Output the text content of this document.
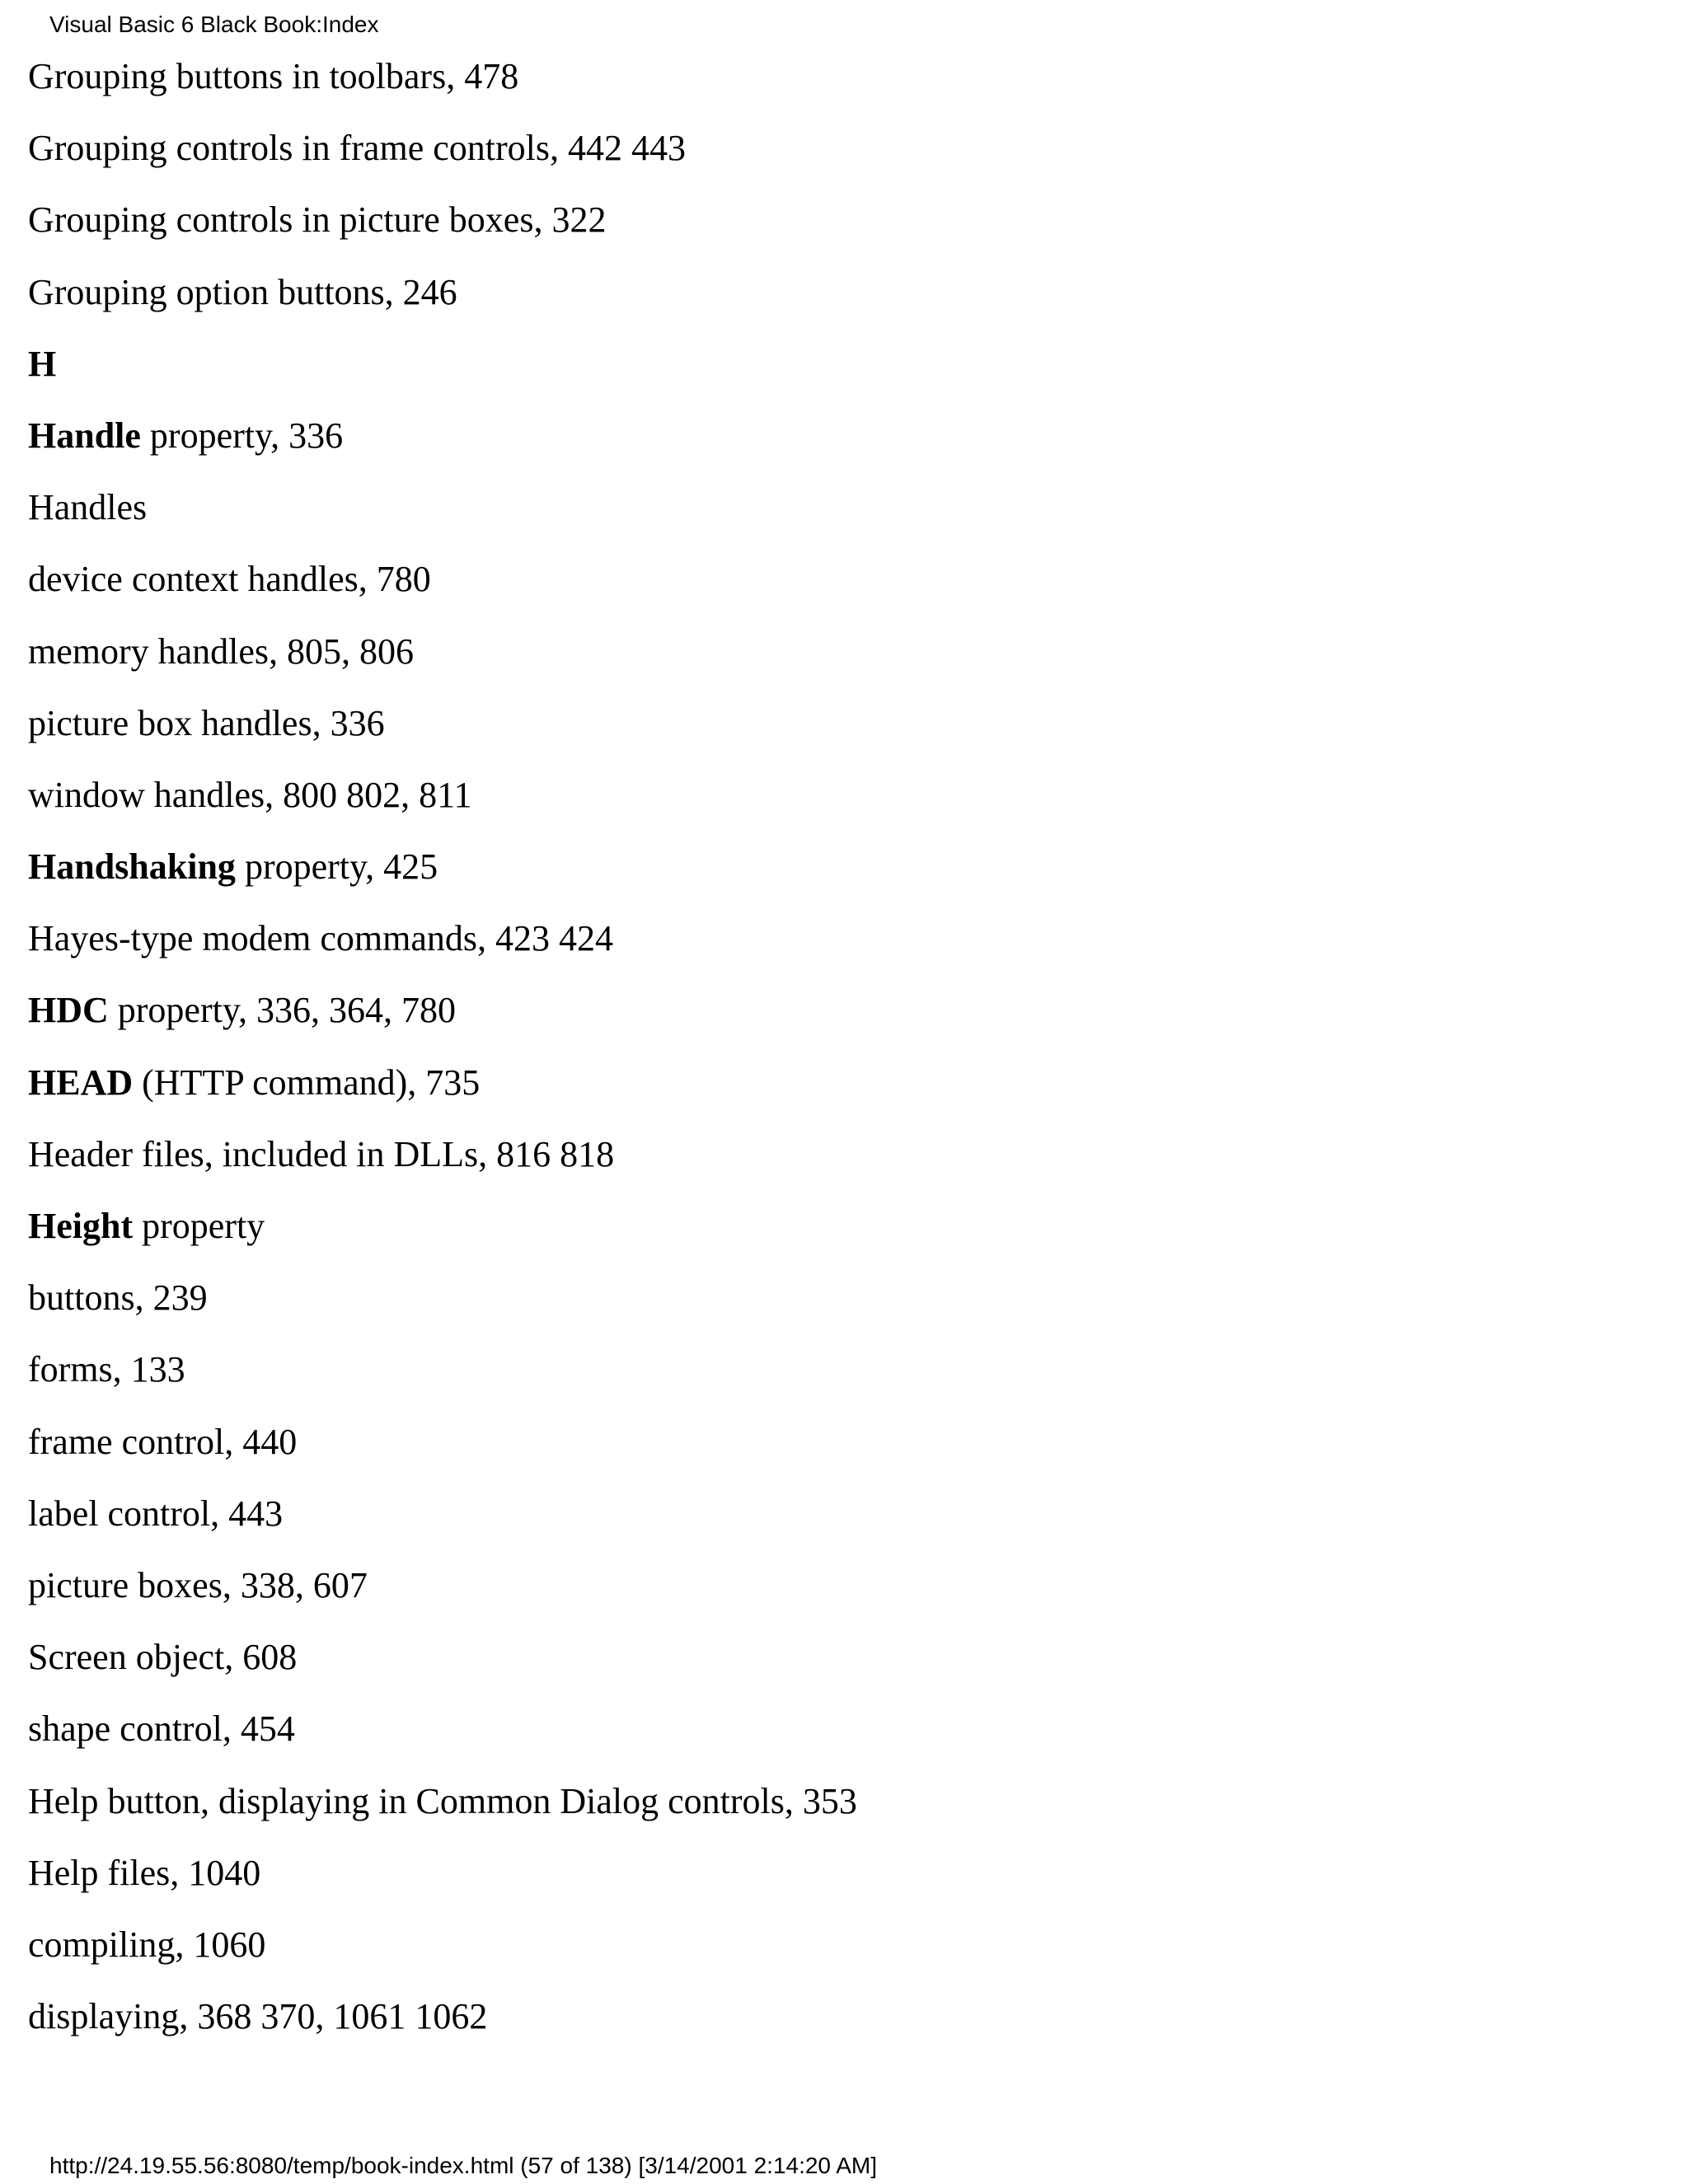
Visual Basic 6 Black Book:Index
Grouping buttons in toolbars, 478
Grouping controls in frame controls, 442 443
Grouping controls in picture boxes, 322
Grouping option buttons, 246
H
Handle property, 336
Handles
device context handles, 780
memory handles, 805, 806
picture box handles, 336
window handles, 800 802, 811
Handshaking property, 425
Hayes-type modem commands, 423 424
HDC property, 336, 364, 780
HEAD (HTTP command), 735
Header files, included in DLLs, 816 818
Height property
buttons, 239
forms, 133
frame control, 440
label control, 443
picture boxes, 338, 607
Screen object, 608
shape control, 454
Help button, displaying in Common Dialog controls, 353
Help files, 1040
compiling, 1060
displaying, 368 370, 1061 1062
http://24.19.55.56:8080/temp/book-index.html (57 of 138) [3/14/2001 2:14:20 AM]
